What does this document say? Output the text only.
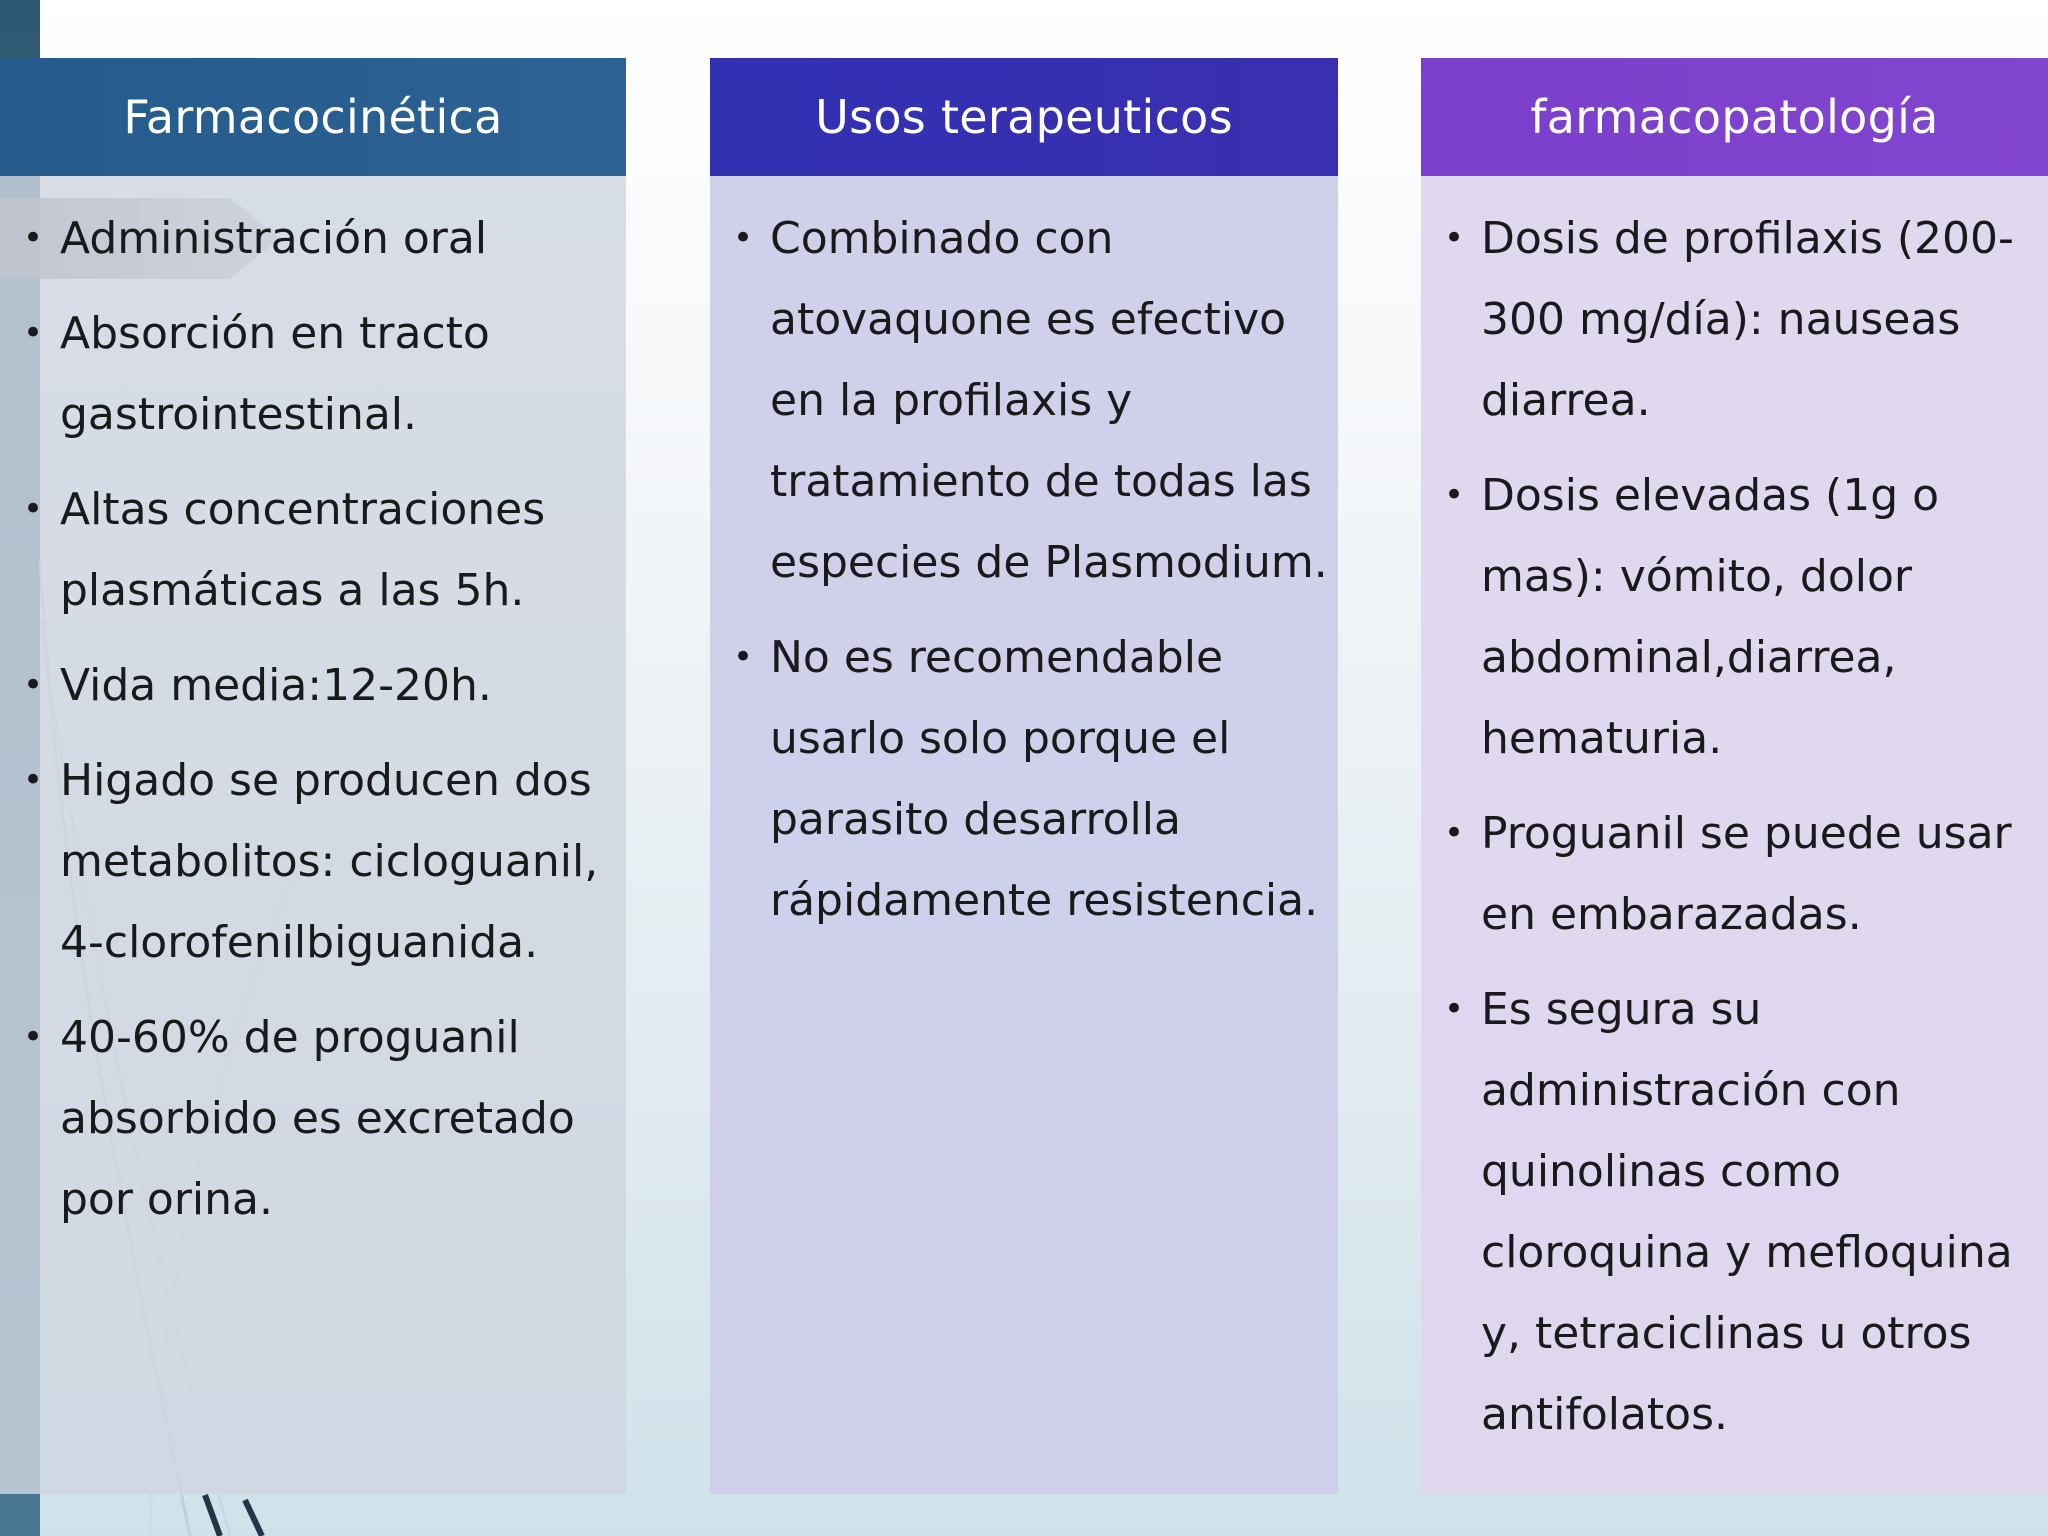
Farmacocinética
• Administración oral
• Absorción en tracto gastrointestinal.
• Altas concentraciones plasmáticas a las 5h.
• Vida media:12-20h.
• Higado se producen dos metabolitos: cicloguanil, 4-clorofenilbiguanida.
• 40-60% de proguanil absorbido es excretado por orina.
Usos terapeuticos
• Combinado con atovaquone es efectivo en la profilaxis y tratamiento de todas las especies de Plasmodium.
• No es recomendable usarlo solo porque el parasito desarrolla rápidamente resistencia.
farmacopatología
• Dosis de profilaxis (200-300 mg/día): nauseas diarrea.
• Dosis elevadas (1g o mas): vómito, dolor abdominal,diarrea, hematuria.
• Proguanil se puede usar en embarazadas.
• Es segura su administración con quinolinas como cloroquina y mefloquina y, tetraciclinas u otros antifolatos.
